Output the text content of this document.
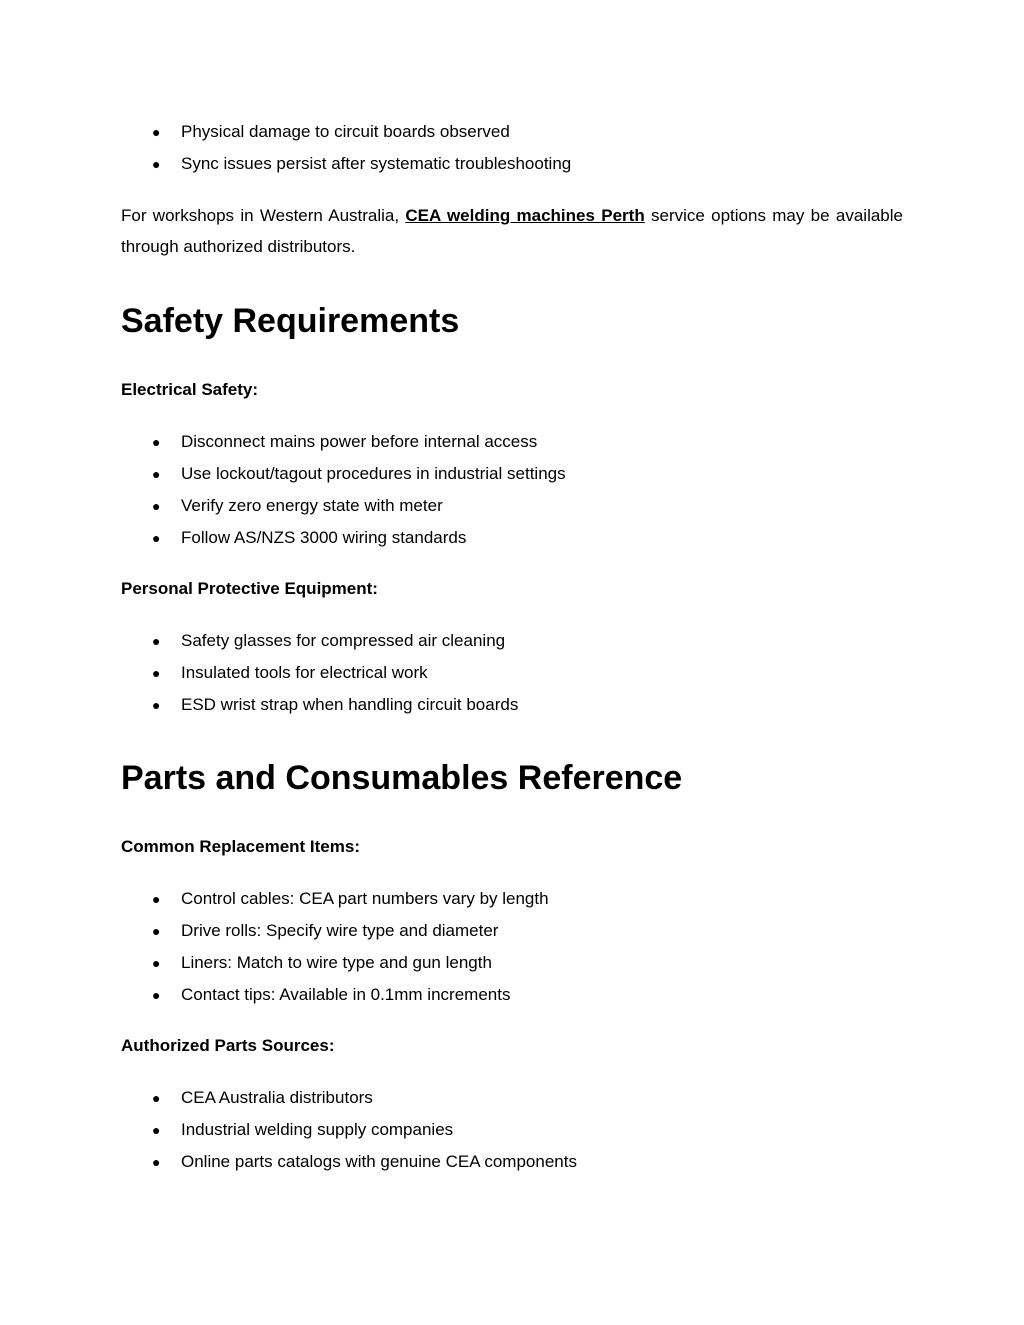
● Physical damage to circuit boards observed
● Sync issues persist after systematic troubleshooting

For workshops in Western Australia, CEA welding machines Perth service options may be available through authorized distributors.

Safety Requirements

Electrical Safety:

● Disconnect mains power before internal access
● Use lockout/tagout procedures in industrial settings
● Verify zero energy state with meter
● Follow AS/NZS 3000 wiring standards

Personal Protective Equipment:

● Safety glasses for compressed air cleaning
● Insulated tools for electrical work
● ESD wrist strap when handling circuit boards
Parts and Consumables Reference

Common Replacement Items:

● Control cables: CEA part numbers vary by length
● Drive rolls: Specify wire type and diameter
● Liners: Match to wire type and gun length
● Contact tips: Available in 0.1mm increments

Authorized Parts Sources:

● CEA Australia distributors
● Industrial welding supply companies
● Online parts catalogs with genuine CEA components
